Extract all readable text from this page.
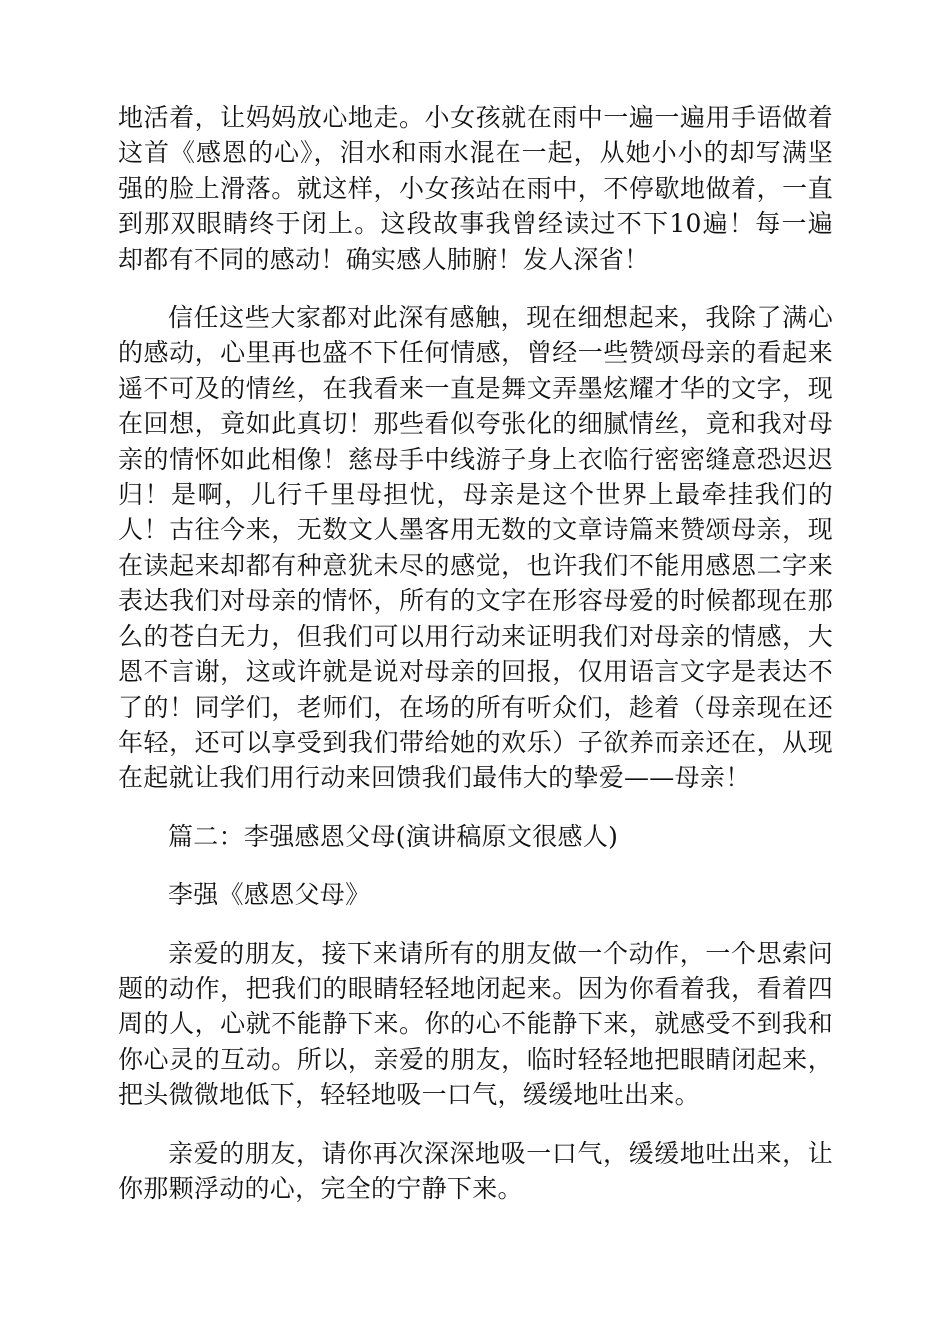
地活着，让妈妈放心地走。小女孩就在雨中一遍一遍用手语做着这首《感恩的心》，泪水和雨水混在一起，从她小小的却写满坚强的脸上滑落。就这样，小女孩站在雨中，不停歇地做着，一直到那双眼睛终于闭上。这段故事我曾经读过不下10遍！每一遍却都有不同的感动！确实感人肺腑！发人深省！

信任这些大家都对此深有感触，现在细想起来，我除了满心的感动，心里再也盛不下任何情感，曾经一些赞颂母亲的看起来遥不可及的情丝，在我看来一直是舞文弄墨炫耀才华的文字，现在回想，竟如此真切！那些看似夸张化的细腻情丝，竟和我对母亲的情怀如此相像！慈母手中线游子身上衣临行密密缝意恐迟迟归！是啊，儿行千里母担忧，母亲是这个世界上最牵挂我们的人！古往今来，无数文人墨客用无数的文章诗篇来赞颂母亲，现在读起来却都有种意犹未尽的感觉，也许我们不能用感恩二字来表达我们对母亲的情怀，所有的文字在形容母爱的时候都现在那么的苍白无力，但我们可以用行动来证明我们对母亲的情感，大恩不言谢，这或许就是说对母亲的回报，仅用语言文字是表达不了的！同学们，老师们，在场的所有听众们，趁着（母亲现在还年轻，还可以享受到我们带给她的欢乐）子欲养而亲还在，从现在起就让我们用行动来回馈我们最伟大的挚爱——母亲！

篇二：李强感恩父母(演讲稿原文很感人)

李强《感恩父母》

亲爱的朋友，接下来请所有的朋友做一个动作，一个思索问题的动作，把我们的眼睛轻轻地闭起来。因为你看着我，看着四周的人，心就不能静下来。你的心不能静下来，就感受不到我和你心灵的互动。所以，亲爱的朋友，临时轻轻地把眼睛闭起来，把头微微地低下，轻轻地吸一口气，缓缓地吐出来。

亲爱的朋友，请你再次深深地吸一口气，缓缓地吐出来，让你那颗浮动的心，完全的宁静下来。
